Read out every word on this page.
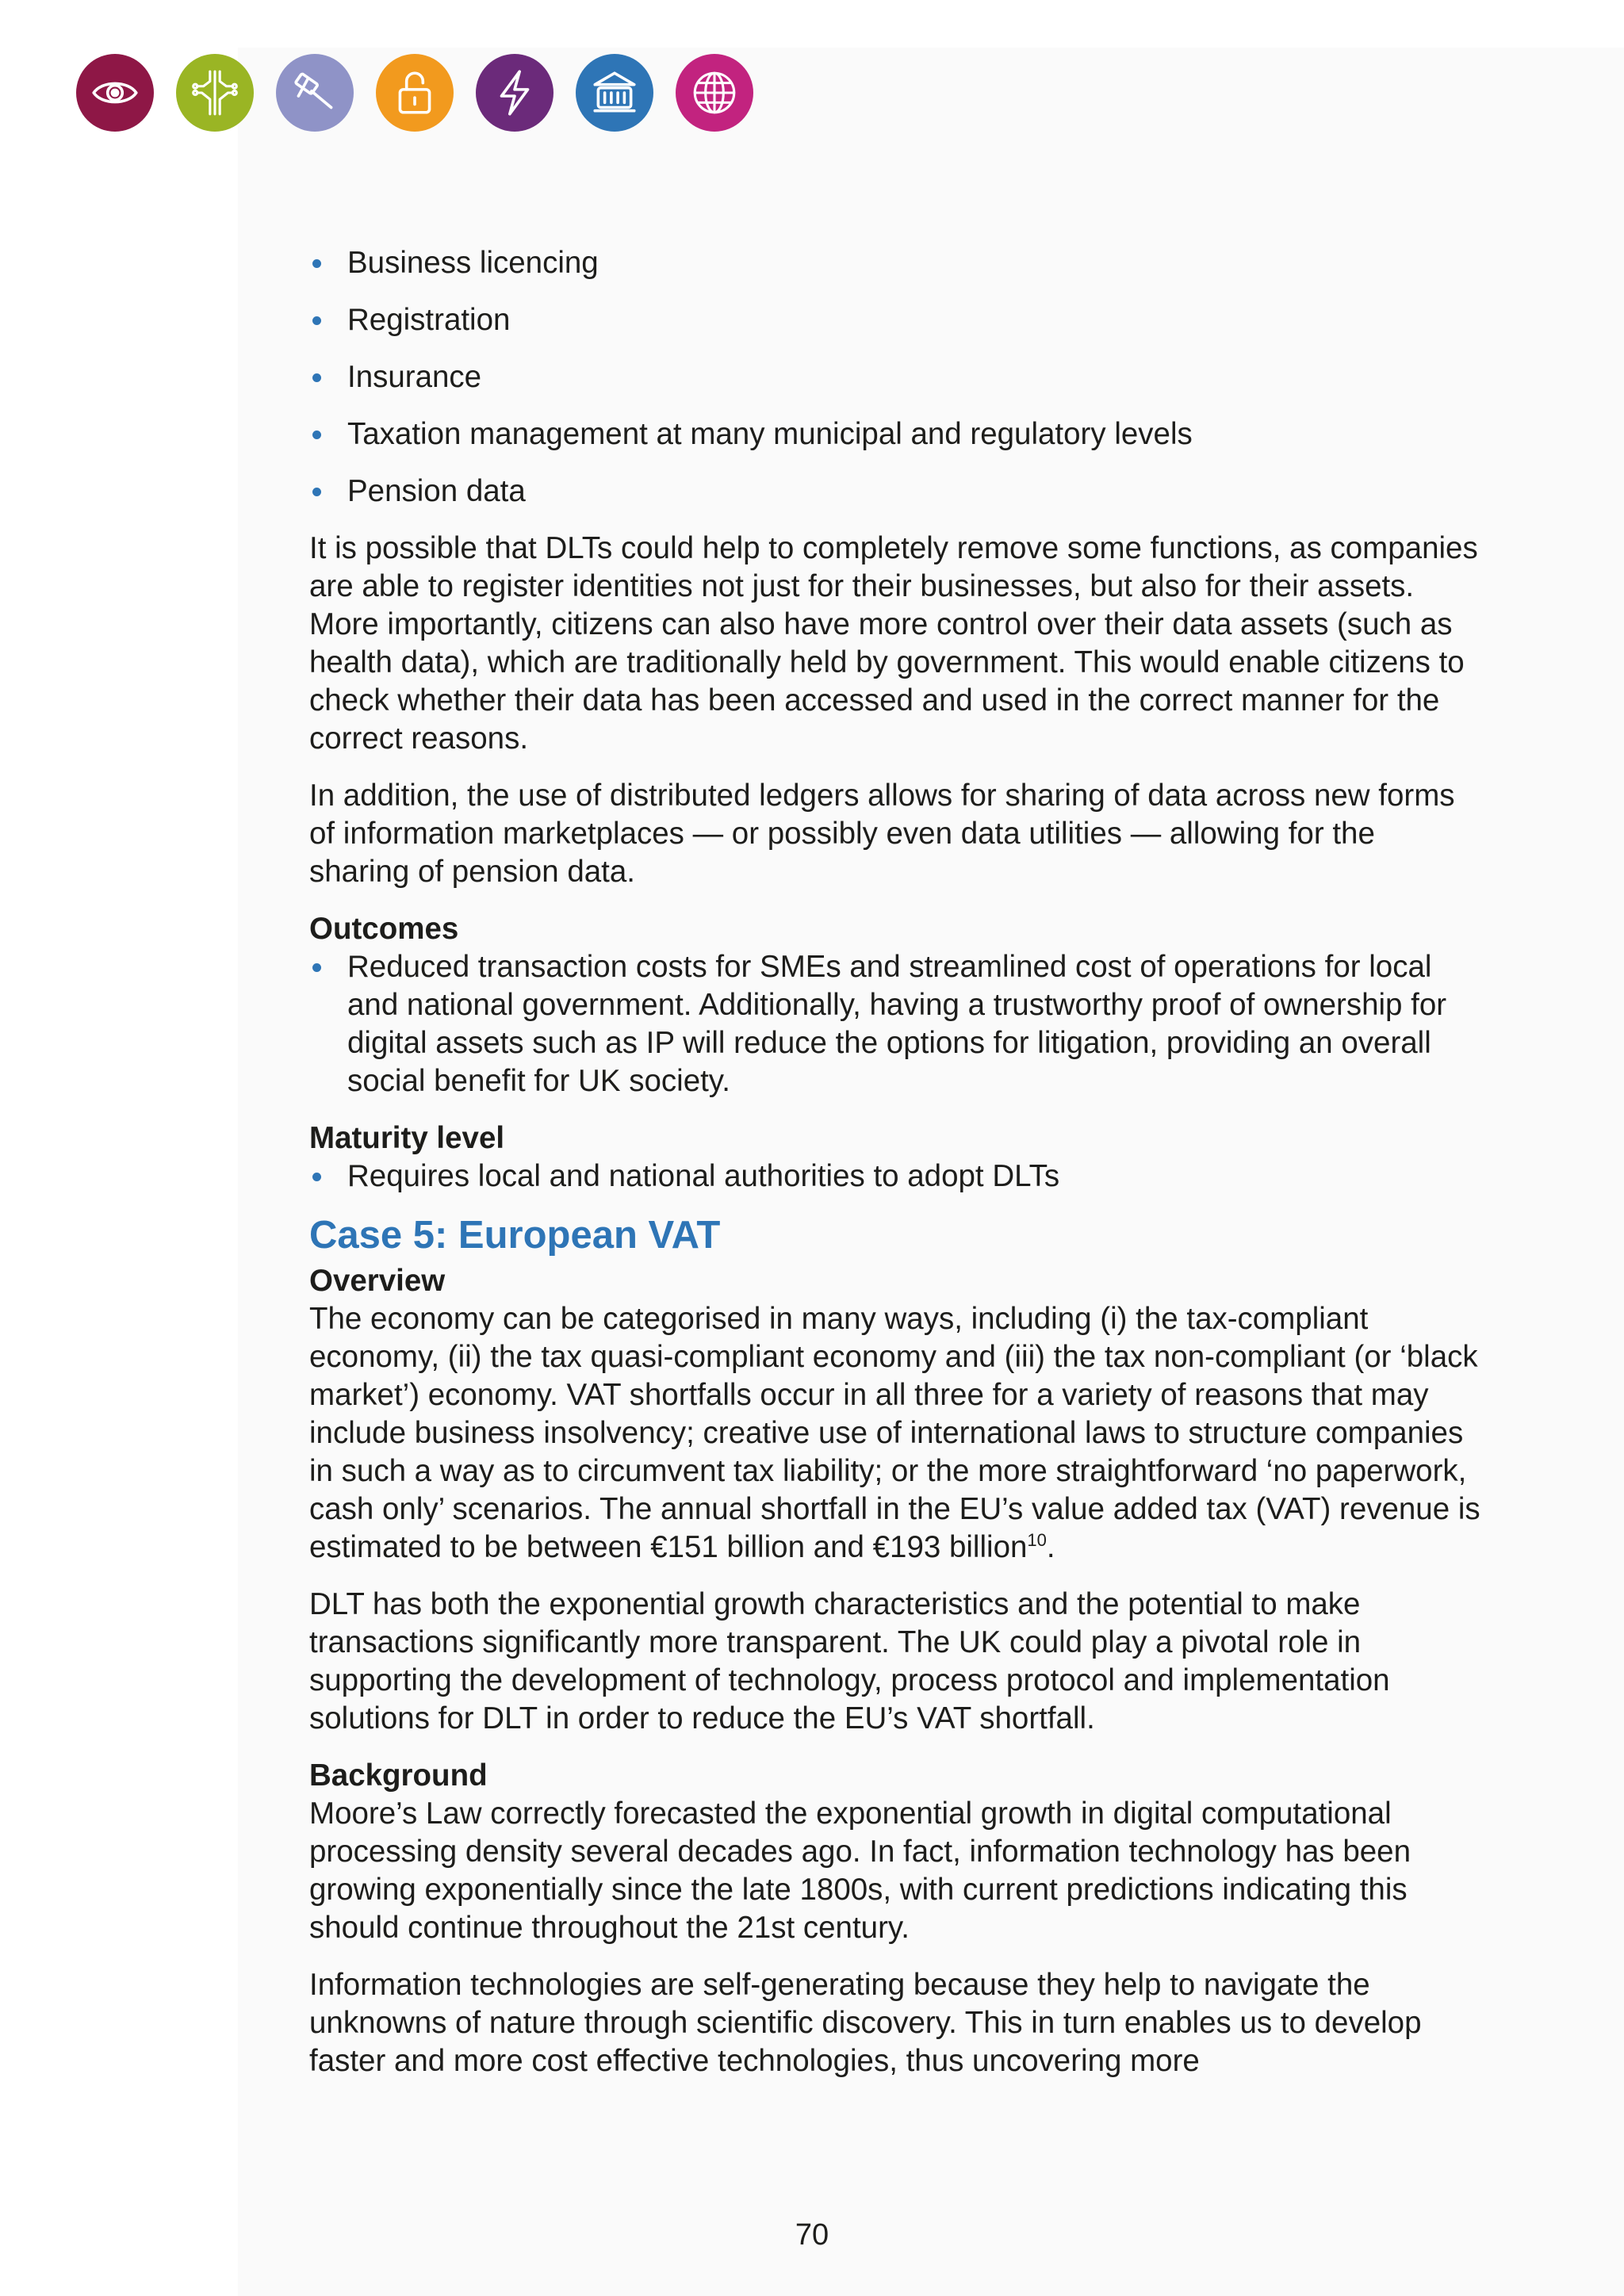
Business licencing
Registration
Insurance
Taxation management at many municipal and regulatory levels
Pension data

It is possible that DLTs could help to completely remove some functions, as companies are able to register identities not just for their businesses, but also for their assets. More importantly, citizens can also have more control over their data assets (such as health data), which are traditionally held by government. This would enable citizens to check whether their data has been accessed and used in the correct manner for the correct reasons.

In addition, the use of distributed ledgers allows for sharing of data across new forms of information marketplaces — or possibly even data utilities — allowing for the sharing of pension data.

Outcomes
Reduced transaction costs for SMEs and streamlined cost of operations for local and national government. Additionally, having a trustworthy proof of ownership for digital assets such as IP will reduce the options for litigation, providing an overall social benefit for UK society.
Maturity level
Requires local and national authorities to adopt DLTs
Case 5: European VAT
Overview

The economy can be categorised in many ways, including (i) the tax-compliant economy, (ii) the tax quasi-compliant economy and (iii) the tax non-compliant (or ‘black market’) economy. VAT shortfalls occur in all three for a variety of reasons that may include business insolvency; creative use of international laws to structure companies in such a way as to circumvent tax liability; or the more straightforward ‘no paperwork, cash only’ scenarios. The annual shortfall in the EU’s value added tax (VAT) revenue is estimated to be between €151 billion and €193 billion$^{10}$.

DLT has both the exponential growth characteristics and the potential to make transactions significantly more transparent. The UK could play a pivotal role in supporting the development of technology, process protocol and implementation solutions for DLT in order to reduce the EU’s VAT shortfall.

Background

Moore’s Law correctly forecasted the exponential growth in digital computational processing density several decades ago. In fact, information technology has been growing exponentially since the late 1800s, with current predictions indicating this should continue throughout the 21st century.

Information technologies are self-generating because they help to navigate the unknowns of nature through scientific discovery. This in turn enables us to develop faster and more cost effective technologies, thus uncovering more

70
